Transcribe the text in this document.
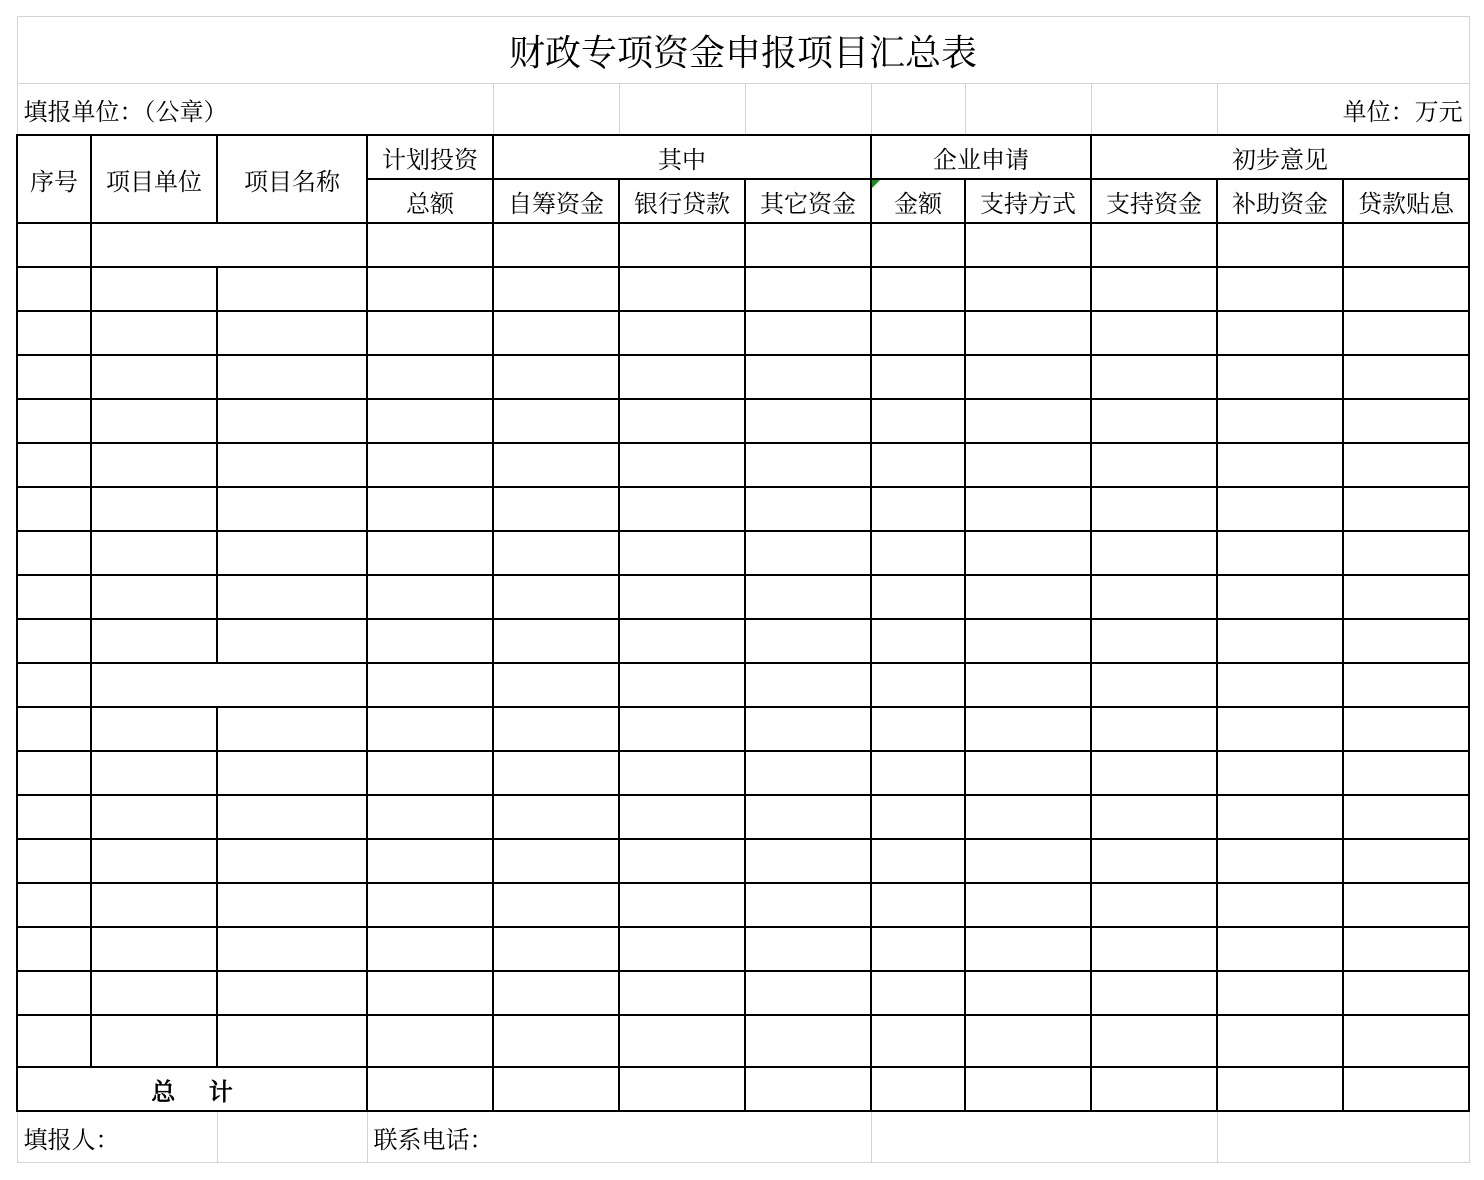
财政专项资金申报项目汇总表											
填报单位：（公章）										单位：万元	
序号	项目单位	项目名称	计划投资	其中			企业申请		初步意见		
			总额	自筹资金	银行贷款	其它资金	金额	支持方式	支持资金	补助资金	贷款贴息

总    计											
填报人：			联系电话：								
